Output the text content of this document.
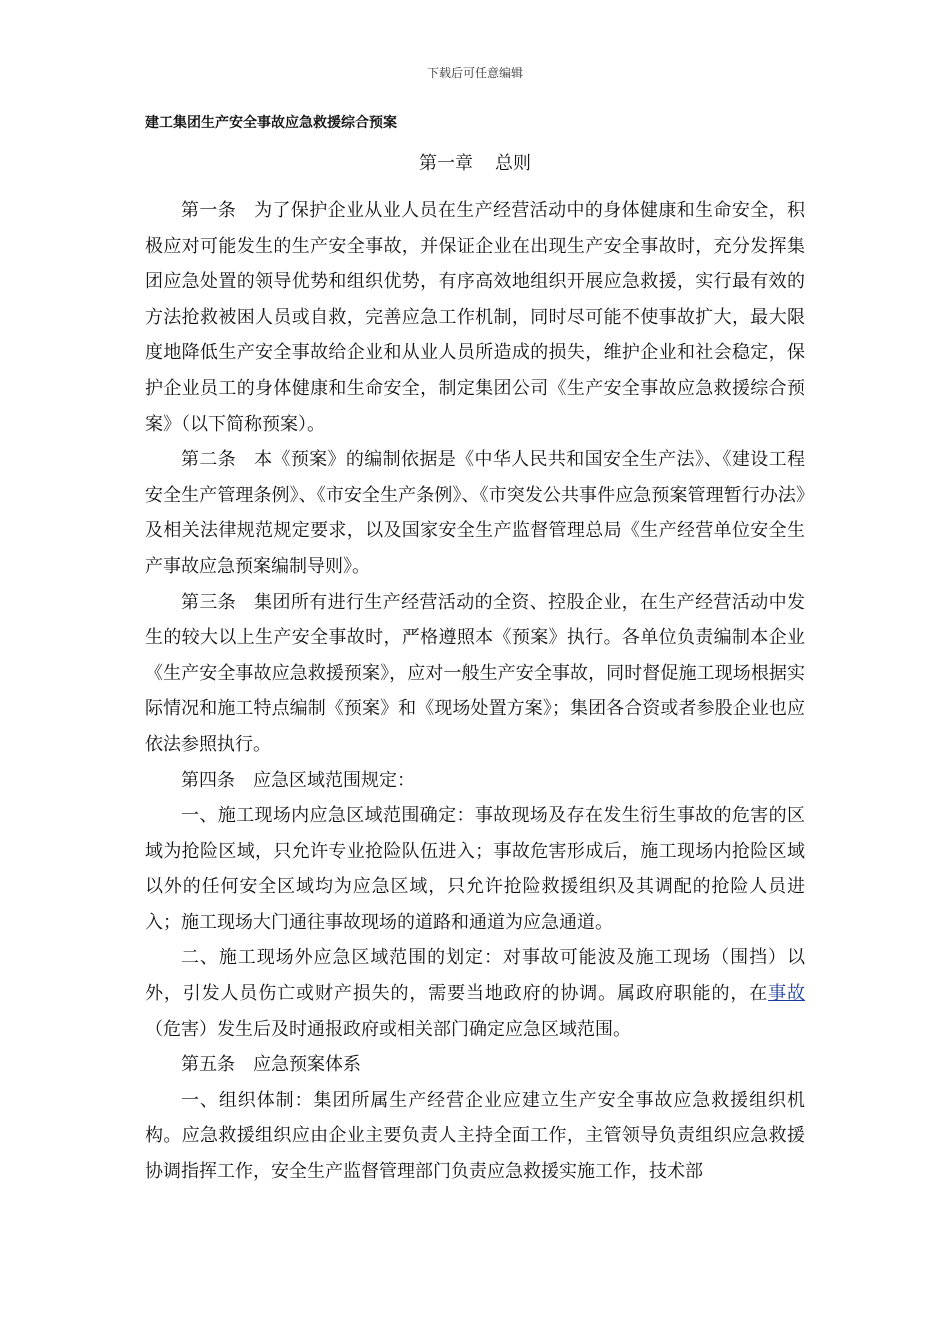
下载后可任意编辑
建工集团生产安全事故应急救援综合预案
第一章 总则

第一条 为了保护企业从业人员在生产经营活动中的身体健康和生命安全，积极应对可能发生的生产安全事故，并保证企业在出现生产安全事故时，充分发挥集团应急处置的领导优势和组织优势，有序高效地组织开展应急救援，实行最有效的方法抢救被困人员或自救，完善应急工作机制，同时尽可能不使事故扩大，最大限度地降低生产安全事故给企业和从业人员所造成的损失，维护企业和社会稳定，保护企业员工的身体健康和生命安全，制定集团公司《生产安全事故应急救援综合预案》（以下简称预案）。

第二条 本《预案》的编制依据是《中华人民共和国安全生产法》、《建设工程安全生产管理条例》、《市安全生产条例》、《市突发公共事件应急预案管理暂行办法》及相关法律规范规定要求，以及国家安全生产监督管理总局《生产经营单位安全生产事故应急预案编制导则》。

第三条 集团所有进行生产经营活动的全资、控股企业，在生产经营活动中发生的较大以上生产安全事故时，严格遵照本《预案》执行。各单位负责编制本企业《生产安全事故应急救援预案》，应对一般生产安全事故，同时督促施工现场根据实际情况和施工特点编制《预案》和《现场处置方案》；集团各合资或者参股企业也应依法参照执行。

第四条 应急区域范围规定：

一、施工现场内应急区域范围确定：事故现场及存在发生衍生事故的危害的区域为抢险区域，只允许专业抢险队伍进入；事故危害形成后，施工现场内抢险区域以外的任何安全区域均为应急区域，只允许抢险救援组织及其调配的抢险人员进入；施工现场大门通往事故现场的道路和通道为应急通道。

二、施工现场外应急区域范围的划定：对事故可能波及施工现场（围挡）以外，引发人员伤亡或财产损失的，需要当地政府的协调。属政府职能的，在事故（危害）发生后及时通报政府或相关部门确定应急区域范围。

第五条 应急预案体系

一、组织体制：集团所属生产经营企业应建立生产安全事故应急救援组织机构。应急救援组织应由企业主要负责人主持全面工作，主管领导负责组织应急救援协调指挥工作，安全生产监督管理部门负责应急救援实施工作，技术部
